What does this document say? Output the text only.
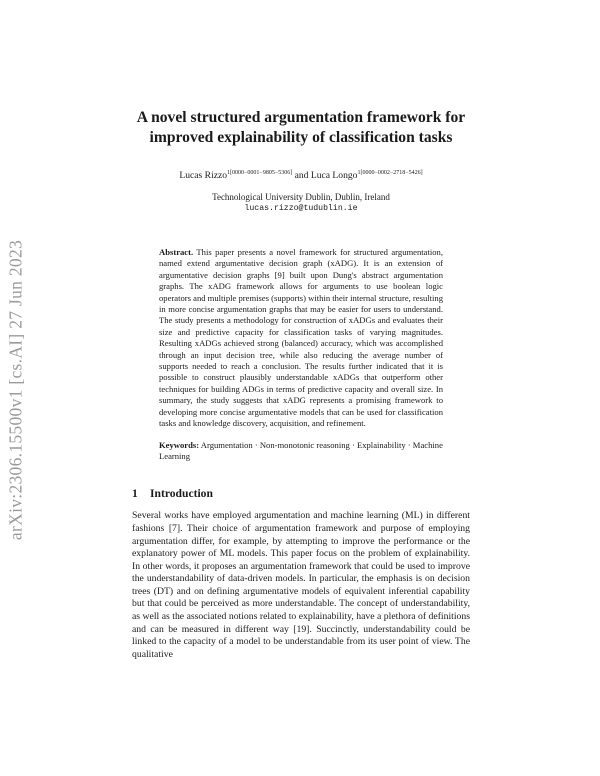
arXiv:2306.15500v1 [cs.AI] 27 Jun 2023
A novel structured argumentation framework for improved explainability of classification tasks
Lucas Rizzo$^{1[0000-0001-9805-5306]}$ and Luca Longo$^{1[0000-0002-2718-5426]}$
Technological University Dublin, Dublin, Ireland
lucas.rizzo@tudublin.ie
Abstract. This paper presents a novel framework for structured argumentation, named extend argumentative decision graph (xADG). It is an extension of argumentative decision graphs [9] built upon Dung's abstract argumentation graphs. The xADG framework allows for arguments to use boolean logic operators and multiple premises (supports) within their internal structure, resulting in more concise argumentation graphs that may be easier for users to understand. The study presents a methodology for construction of xADGs and evaluates their size and predictive capacity for classification tasks of varying magnitudes. Resulting xADGs achieved strong (balanced) accuracy, which was accomplished through an input decision tree, while also reducing the average number of supports needed to reach a conclusion. The results further indicated that it is possible to construct plausibly understandable xADGs that outperform other techniques for building ADGs in terms of predictive capacity and overall size. In summary, the study suggests that xADG represents a promising framework to developing more concise argumentative models that can be used for classification tasks and knowledge discovery, acquisition, and refinement.
Keywords: Argumentation · Non-monotonic reasoning · Explainability · Machine Learning
1 Introduction
Several works have employed argumentation and machine learning (ML) in different fashions [7]. Their choice of argumentation framework and purpose of employing argumentation differ, for example, by attempting to improve the performance or the explanatory power of ML models. This paper focus on the problem of explainability. In other words, it proposes an argumentation framework that could be used to improve the understandability of data-driven models. In particular, the emphasis is on decision trees (DT) and on defining argumentative models of equivalent inferential capability but that could be perceived as more understandable. The concept of understandability, as well as the associated notions related to explainability, have a plethora of definitions and can be measured in different way [19]. Succinctly, understandability could be linked to the capacity of a model to be understandable from its user point of view. The qualitative
